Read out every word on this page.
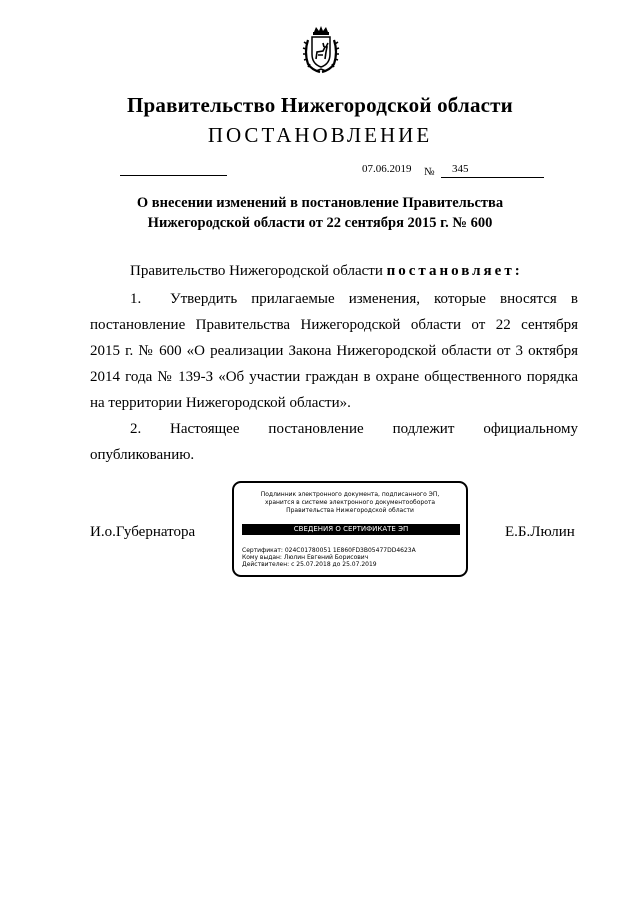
Правительство Нижегородской области
ПОСТАНОВЛЕНИЕ
07.06.2019 № 345
О внесении изменений в постановление Правительства
Нижегородской области от 22 сентября 2015 г. № 600
Правительство Нижегородской области постановляет:
1. Утвердить прилагаемые изменения, которые вносятся в
постановление Правительства Нижегородской области от 22 сентября
2015 г. № 600 «О реализации Закона Нижегородской области от 3 октября
2014 года № 139-З «Об участии граждан в охране общественного порядка
на территории Нижегородской области».
2. Настоящее постановление подлежит официальному
опубликованию.
И.о.Губернатора	Е.Б.Люлин
Подлинник электронного документа, подписанного ЭП,
хранится в системе электронного документооборота
Правительства Нижегородской области
СВЕДЕНИЯ О СЕРТИФИКАТЕ ЭП
Сертификат: 024C01780051 1E860FD3B05477DD4623A
Кому выдан: Люлин Евгений Борисович
Действителен: с 25.07.2018 до 25.07.2019
